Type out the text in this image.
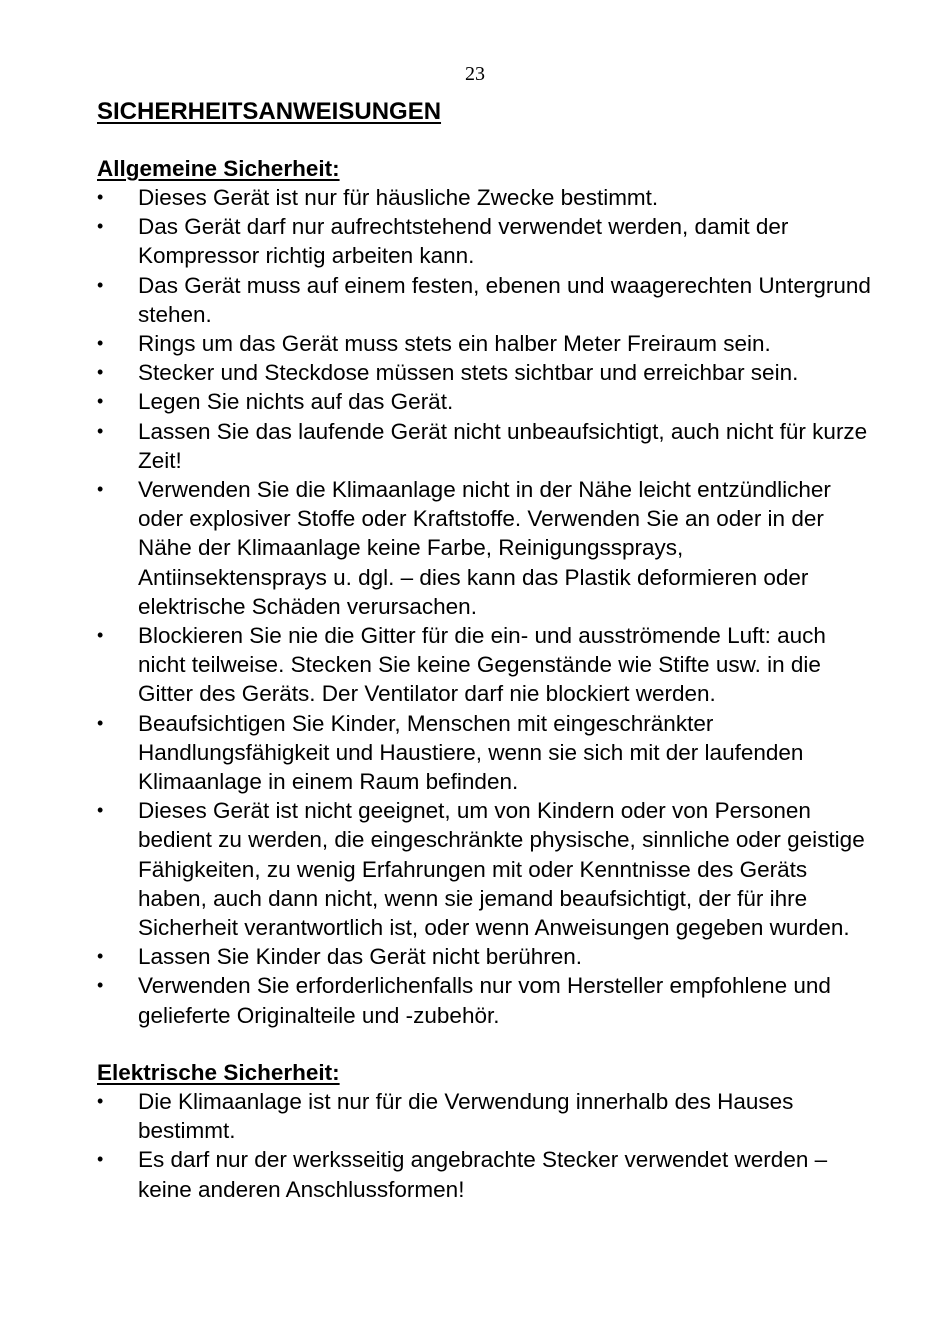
23
SICHERHEITSANWEISUNGEN
Allgemeine Sicherheit:
•	Dieses Gerät ist nur für häusliche Zwecke bestimmt.
•	Das Gerät darf nur aufrechtstehend verwendet werden, damit der Kompressor richtig arbeiten kann.
•	Das Gerät muss auf einem festen, ebenen und waagerechten Untergrund stehen.
•	Rings um das Gerät muss stets ein halber Meter Freiraum sein.
•	Stecker und Steckdose müssen stets sichtbar und erreichbar sein.
•	Legen Sie nichts auf das Gerät.
•	Lassen Sie das laufende Gerät nicht unbeaufsichtigt, auch nicht für kurze Zeit!
•	Verwenden Sie die Klimaanlage nicht in der Nähe leicht entzündlicher oder explosiver Stoffe oder Kraftstoffe. Verwenden Sie an oder in der Nähe der Klimaanlage keine Farbe, Reinigungssprays, Antiinsektensprays u. dgl. – dies kann das Plastik deformieren oder elektrische Schäden verursachen.
•	Blockieren Sie nie die Gitter für die ein- und ausströmende Luft: auch nicht teilweise. Stecken Sie keine Gegenstände wie Stifte usw. in die Gitter des Geräts. Der Ventilator darf nie blockiert werden.
•	Beaufsichtigen Sie Kinder, Menschen mit eingeschränkter Handlungsfähigkeit und Haustiere, wenn sie sich mit der laufenden Klimaanlage in einem Raum befinden.
•	Dieses Gerät ist nicht geeignet, um von Kindern oder von Personen bedient zu werden, die eingeschränkte physische, sinnliche oder geistige Fähigkeiten, zu wenig Erfahrungen mit oder Kenntnisse des Geräts haben, auch dann nicht, wenn sie jemand beaufsichtigt, der für ihre Sicherheit verantwortlich ist, oder wenn Anweisungen gegeben wurden.
•	Lassen Sie Kinder das Gerät nicht berühren.
•	Verwenden Sie erforderlichenfalls nur vom Hersteller empfohlene und gelieferte Originalteile und -zubehör.
Elektrische Sicherheit:
•	Die Klimaanlage ist nur für die Verwendung innerhalb des Hauses bestimmt.
•	Es darf nur der werksseitig angebrachte Stecker verwendet werden – keine anderen Anschlussformen!
